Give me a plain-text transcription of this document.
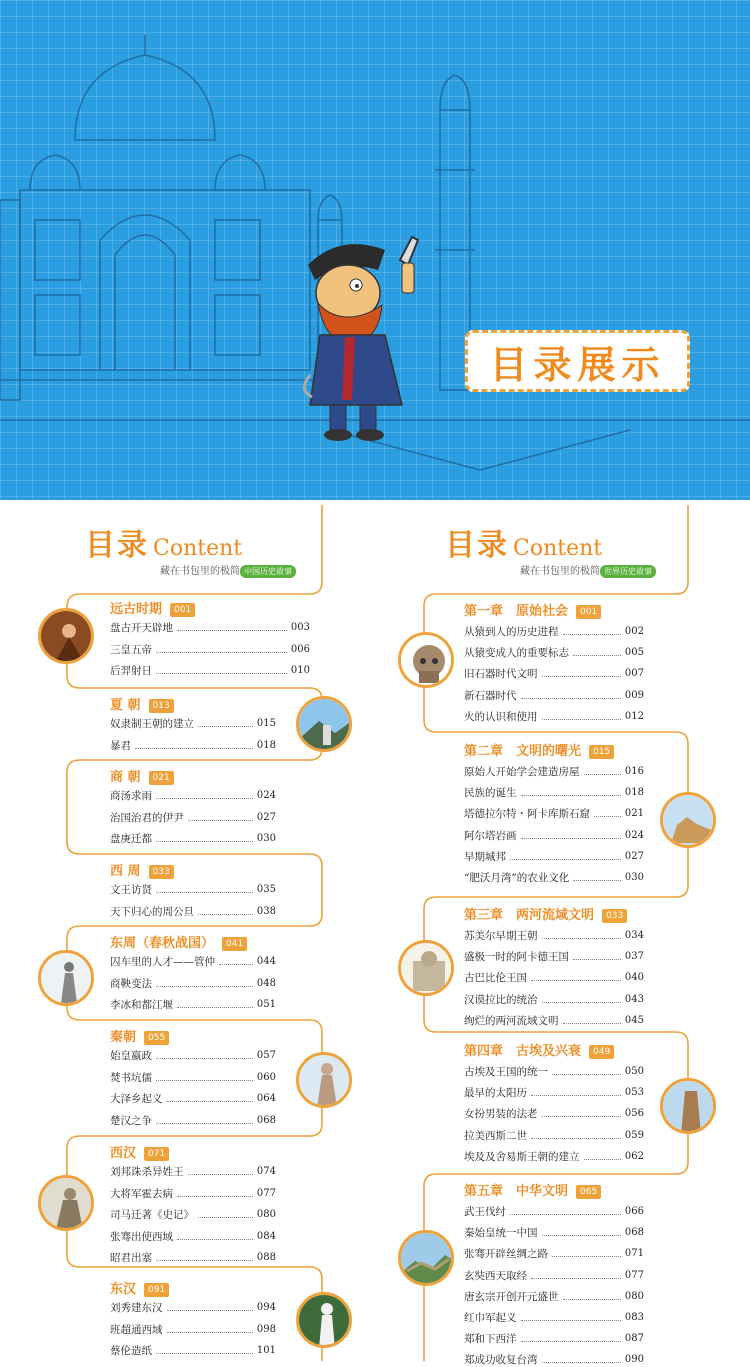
目录展示
目录 Content
藏在书包里的极简 中国历史故事
目录 Content
藏在书包里的极简 世界历史故事
远古时期 001
盘古开天辟地	003
三皇五帝	006
后羿射日	010
夏 朝 013
奴隶制王朝的建立	015
暴君	018
商 朝 021
商汤求雨	024
治国治君的伊尹	027
盘庚迁都	030
西 周 033
文王访贤	035
天下归心的周公旦	038
东周（春秋战国） 041
囚车里的人才——管仲	044
商鞅变法	048
李冰和都江堰	051
秦朝 055
始皇嬴政	057
焚书坑儒	060
大泽乡起义	064
楚汉之争	068
西汉 071
刘邦诛杀异姓王	074
大将军霍去病	077
司马迁著《史记》	080
张骞出使西域	084
昭君出塞	088
东汉 091
刘秀建东汉	094
班超通西域	098
蔡伦造纸	101
第一章　原始社会 001
从猿到人的历史进程	002
从猿变成人的重要标志	005
旧石器时代文明	007
新石器时代	009
火的认识和使用	012
第二章　文明的曙光 015
原始人开始学会建造房屋	016
民族的诞生	018
塔德拉尔特・阿卡库斯石窟	021
阿尔塔岩画	024
早期城邦	027
“肥沃月湾”的农业文化	030
第三章　两河流域文明 033
苏美尔早期王朝	034
盛极一时的阿卡德王国	037
古巴比伦王国	040
汉谟拉比的统治	043
绚烂的两河流域文明	045
第四章　古埃及兴衰 049
古埃及王国的统一	050
最早的太阳历	053
女扮男装的法老	056
拉美西斯二世	059
埃及及舍易斯王朝的建立	062
第五章　中华文明 065
武王伐纣	066
秦始皇统一中国	068
张骞开辟丝绸之路	071
玄奘西天取经	077
唐玄宗开创开元盛世	080
红巾军起义	083
郑和下西洋	087
郑成功收复台湾	090
